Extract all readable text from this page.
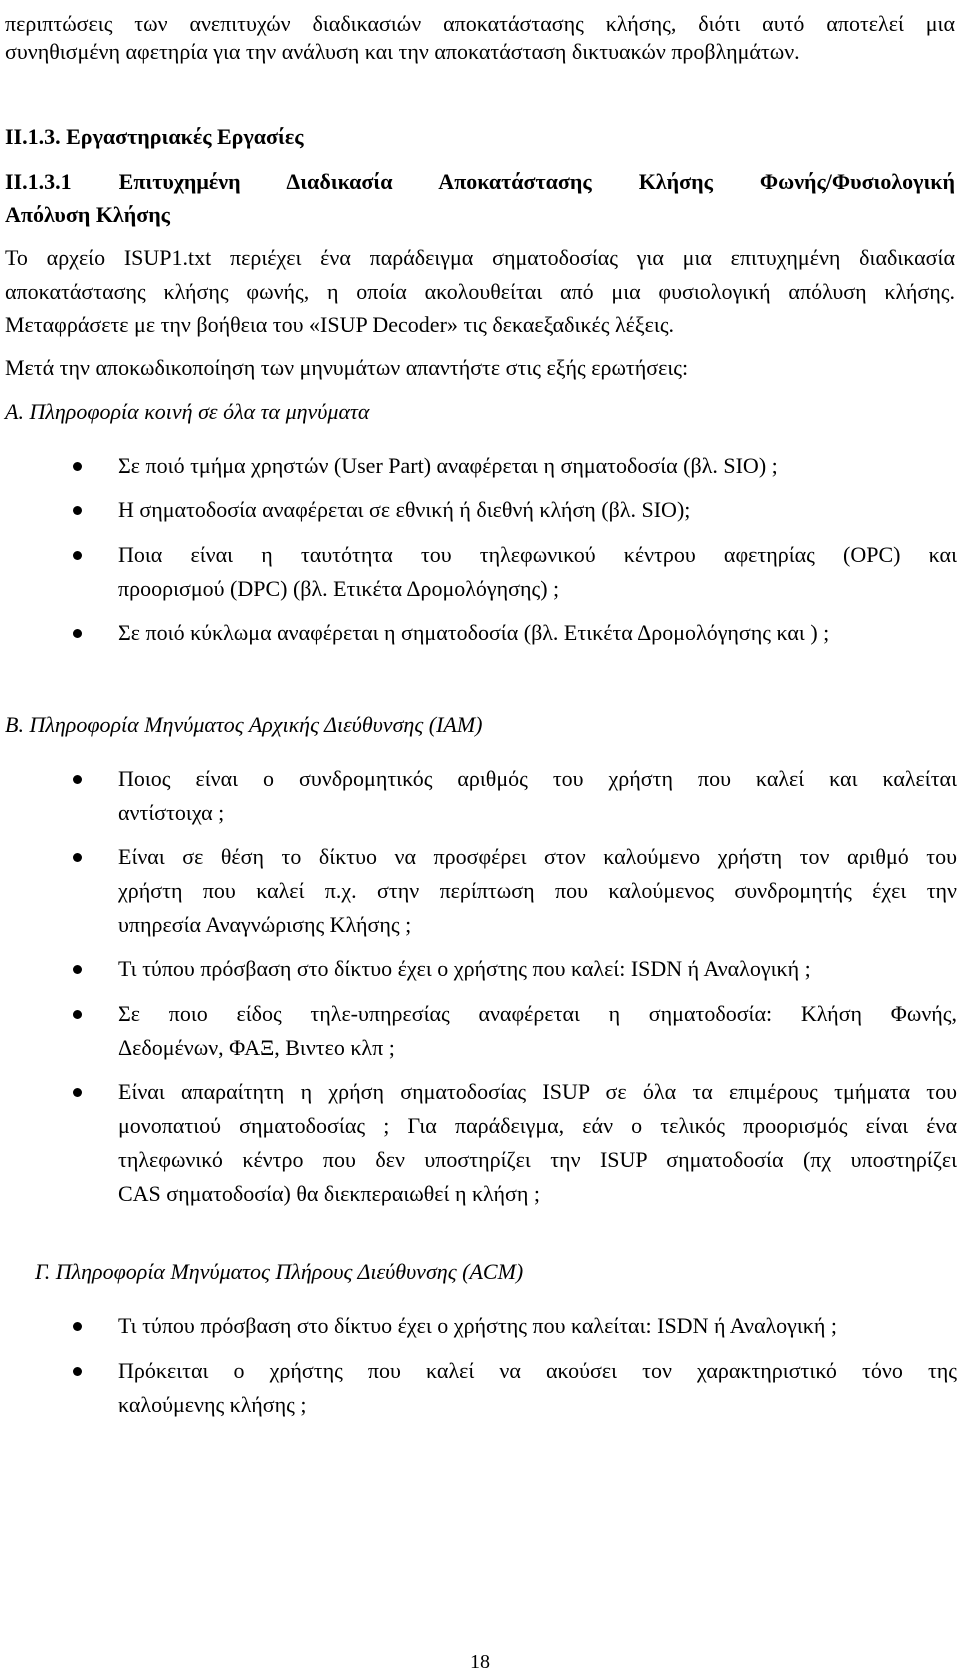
περιπτώσεις των ανεπιτυχών διαδικασιών αποκατάστασης κλήσης, διότι αυτό αποτελεί μια
συνηθισμένη αφετηρία για την ανάλυση και την αποκατάσταση δικτυακών προβλημάτων.
ΙΙ.1.3. Εργαστηριακές Εργασίες
ΙΙ.1.3.1 Επιτυχημένη Διαδικασία Αποκατάστασης Κλήσης Φωνής/Φυσιολογική
Απόλυση Κλήσης
Το αρχείο ISUP1.txt περιέχει ένα παράδειγμα σηματοδοσίας για μια επιτυχημένη διαδικασία
αποκατάστασης κλήσης φωνής, η οποία ακολουθείται από μια φυσιολογική απόλυση κλήσης.
Μεταφράσετε με την βοήθεια του «ISUP Decoder» τις δεκαεξαδικές λέξεις.
Μετά την αποκωδικοποίηση των μηνυμάτων απαντήστε στις εξής ερωτήσεις:
Α. Πληροφορία κοινή σε όλα τα μηνύματα
Σε ποιό τμήμα χρηστών (User Part) αναφέρεται η σηματοδοσία (βλ. SIO) ;
Η σηματοδοσία αναφέρεται σε εθνική ή διεθνή κλήση (βλ. SIO);
Ποια είναι η ταυτότητα του τηλεφωνικού κέντρου αφετηρίας (OPC) και
προορισμού (DPC) (βλ. Ετικέτα Δρομολόγησης) ;
Σε ποιό κύκλωμα αναφέρεται η σηματοδοσία (βλ. Ετικέτα Δρομολόγησης και ) ;
Β. Πληροφορία Μηνύματος Αρχικής Διεύθυνσης (IAM)
Ποιος είναι ο συνδρομητικός αριθμός του χρήστη που καλεί και καλείται
αντίστοιχα ;
Είναι σε θέση το δίκτυο να προσφέρει στον καλούμενο χρήστη τον αριθμό του
χρήστη που καλεί π.χ. στην περίπτωση που καλούμενος συνδρομητής έχει την
υπηρεσία Αναγνώρισης Κλήσης ;
Τι τύπου πρόσβαση στο δίκτυο έχει ο χρήστης που καλεί: ISDN ή Αναλογική ;
Σε ποιο είδος τηλε-υπηρεσίας αναφέρεται η σηματοδοσία: Κλήση Φωνής,
Δεδομένων, ΦΑΞ, Βιντεο κλπ ;
Είναι απαραίτητη η χρήση σηματοδοσίας ISUP σε όλα τα επιμέρους τμήματα του
μονοπατιού σηματοδοσίας ; Για παράδειγμα, εάν ο τελικός προορισμός είναι ένα
τηλεφωνικό κέντρο που δεν υποστηρίζει την ISUP σηματοδοσία (πχ υποστηρίζει
CAS σηματοδοσία) θα διεκπεραιωθεί η κλήση ;
Γ. Πληροφορία Μηνύματος Πλήρους Διεύθυνσης (ACM)
Τι τύπου πρόσβαση στο δίκτυο έχει ο χρήστης που καλείται: ISDN ή Αναλογική ;
Πρόκειται ο χρήστης που καλεί να ακούσει τον χαρακτηριστικό τόνο της
καλούμενης κλήσης ;
18
